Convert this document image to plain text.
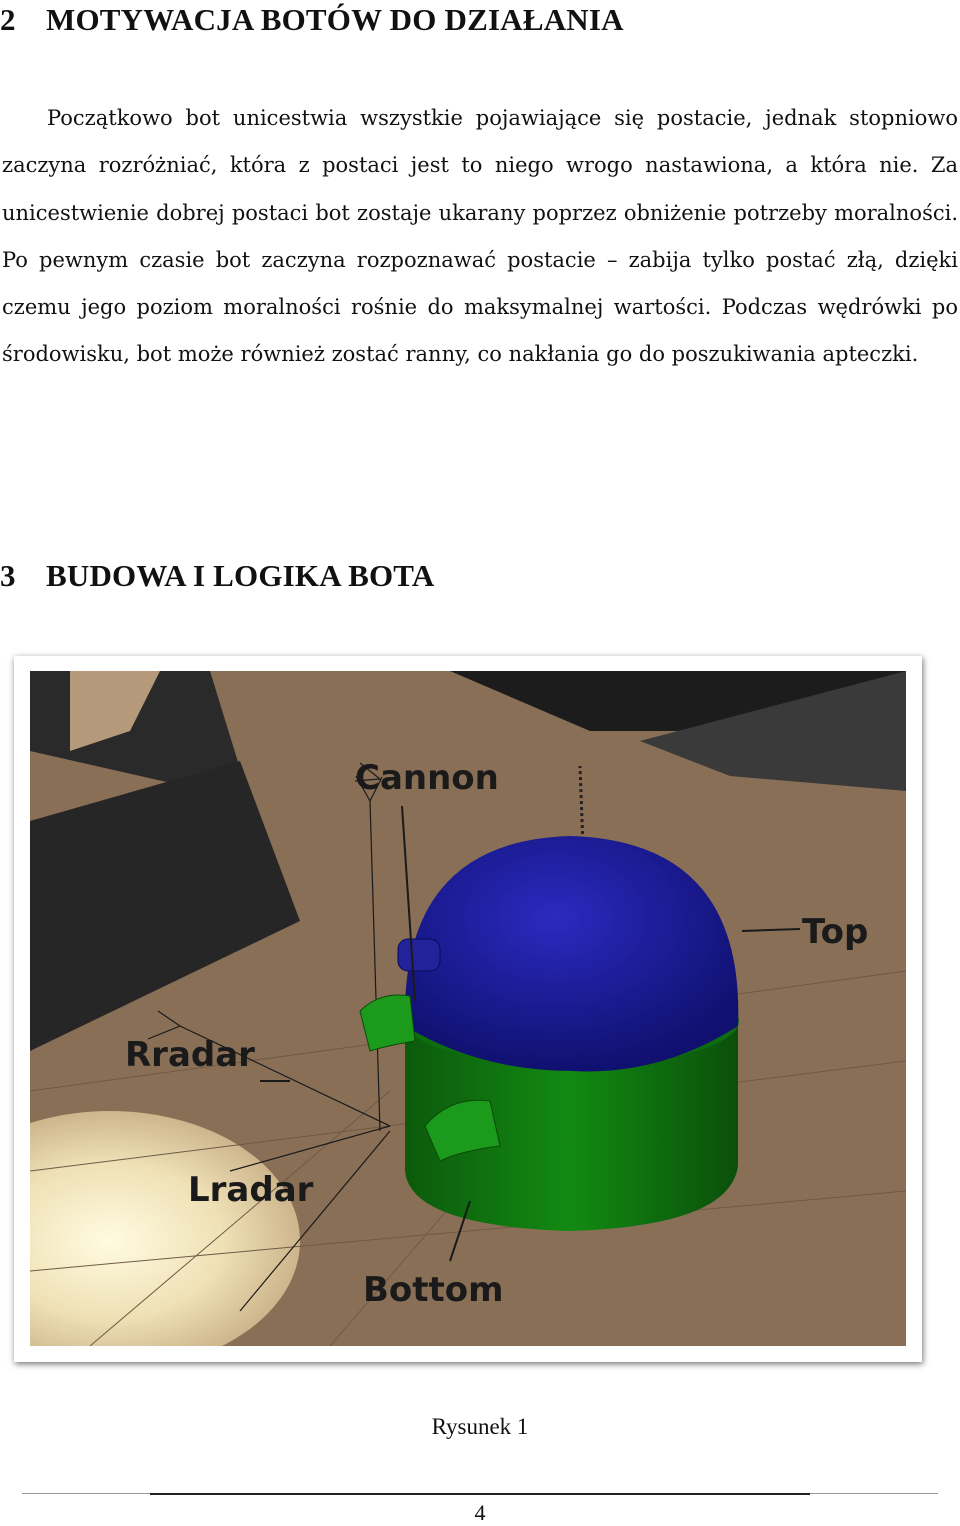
2 MOTYWACJA BOTÓW DO DZIAŁANIA
Początkowo bot unicestwia wszystkie pojawiające się postacie, jednak stopniowo zaczyna rozróżniać, która z postaci jest to niego wrogo nastawiona, a która nie. Za unicestwienie dobrej postaci bot zostaje ukarany poprzez obniżenie potrzeby moralności. Po pewnym czasie bot zaczyna rozpoznawać postacie – zabija tylko postać złą, dzięki czemu jego poziom moralności rośnie do maksymalnej wartości. Podczas wędrówki po środowisku, bot może również zostać ranny, co nakłania go do poszukiwania apteczki.
3 BUDOWA I LOGIKA BOTA
Cannon
Top
Rradar
Lradar
Bottom
Rysunek 1
4
